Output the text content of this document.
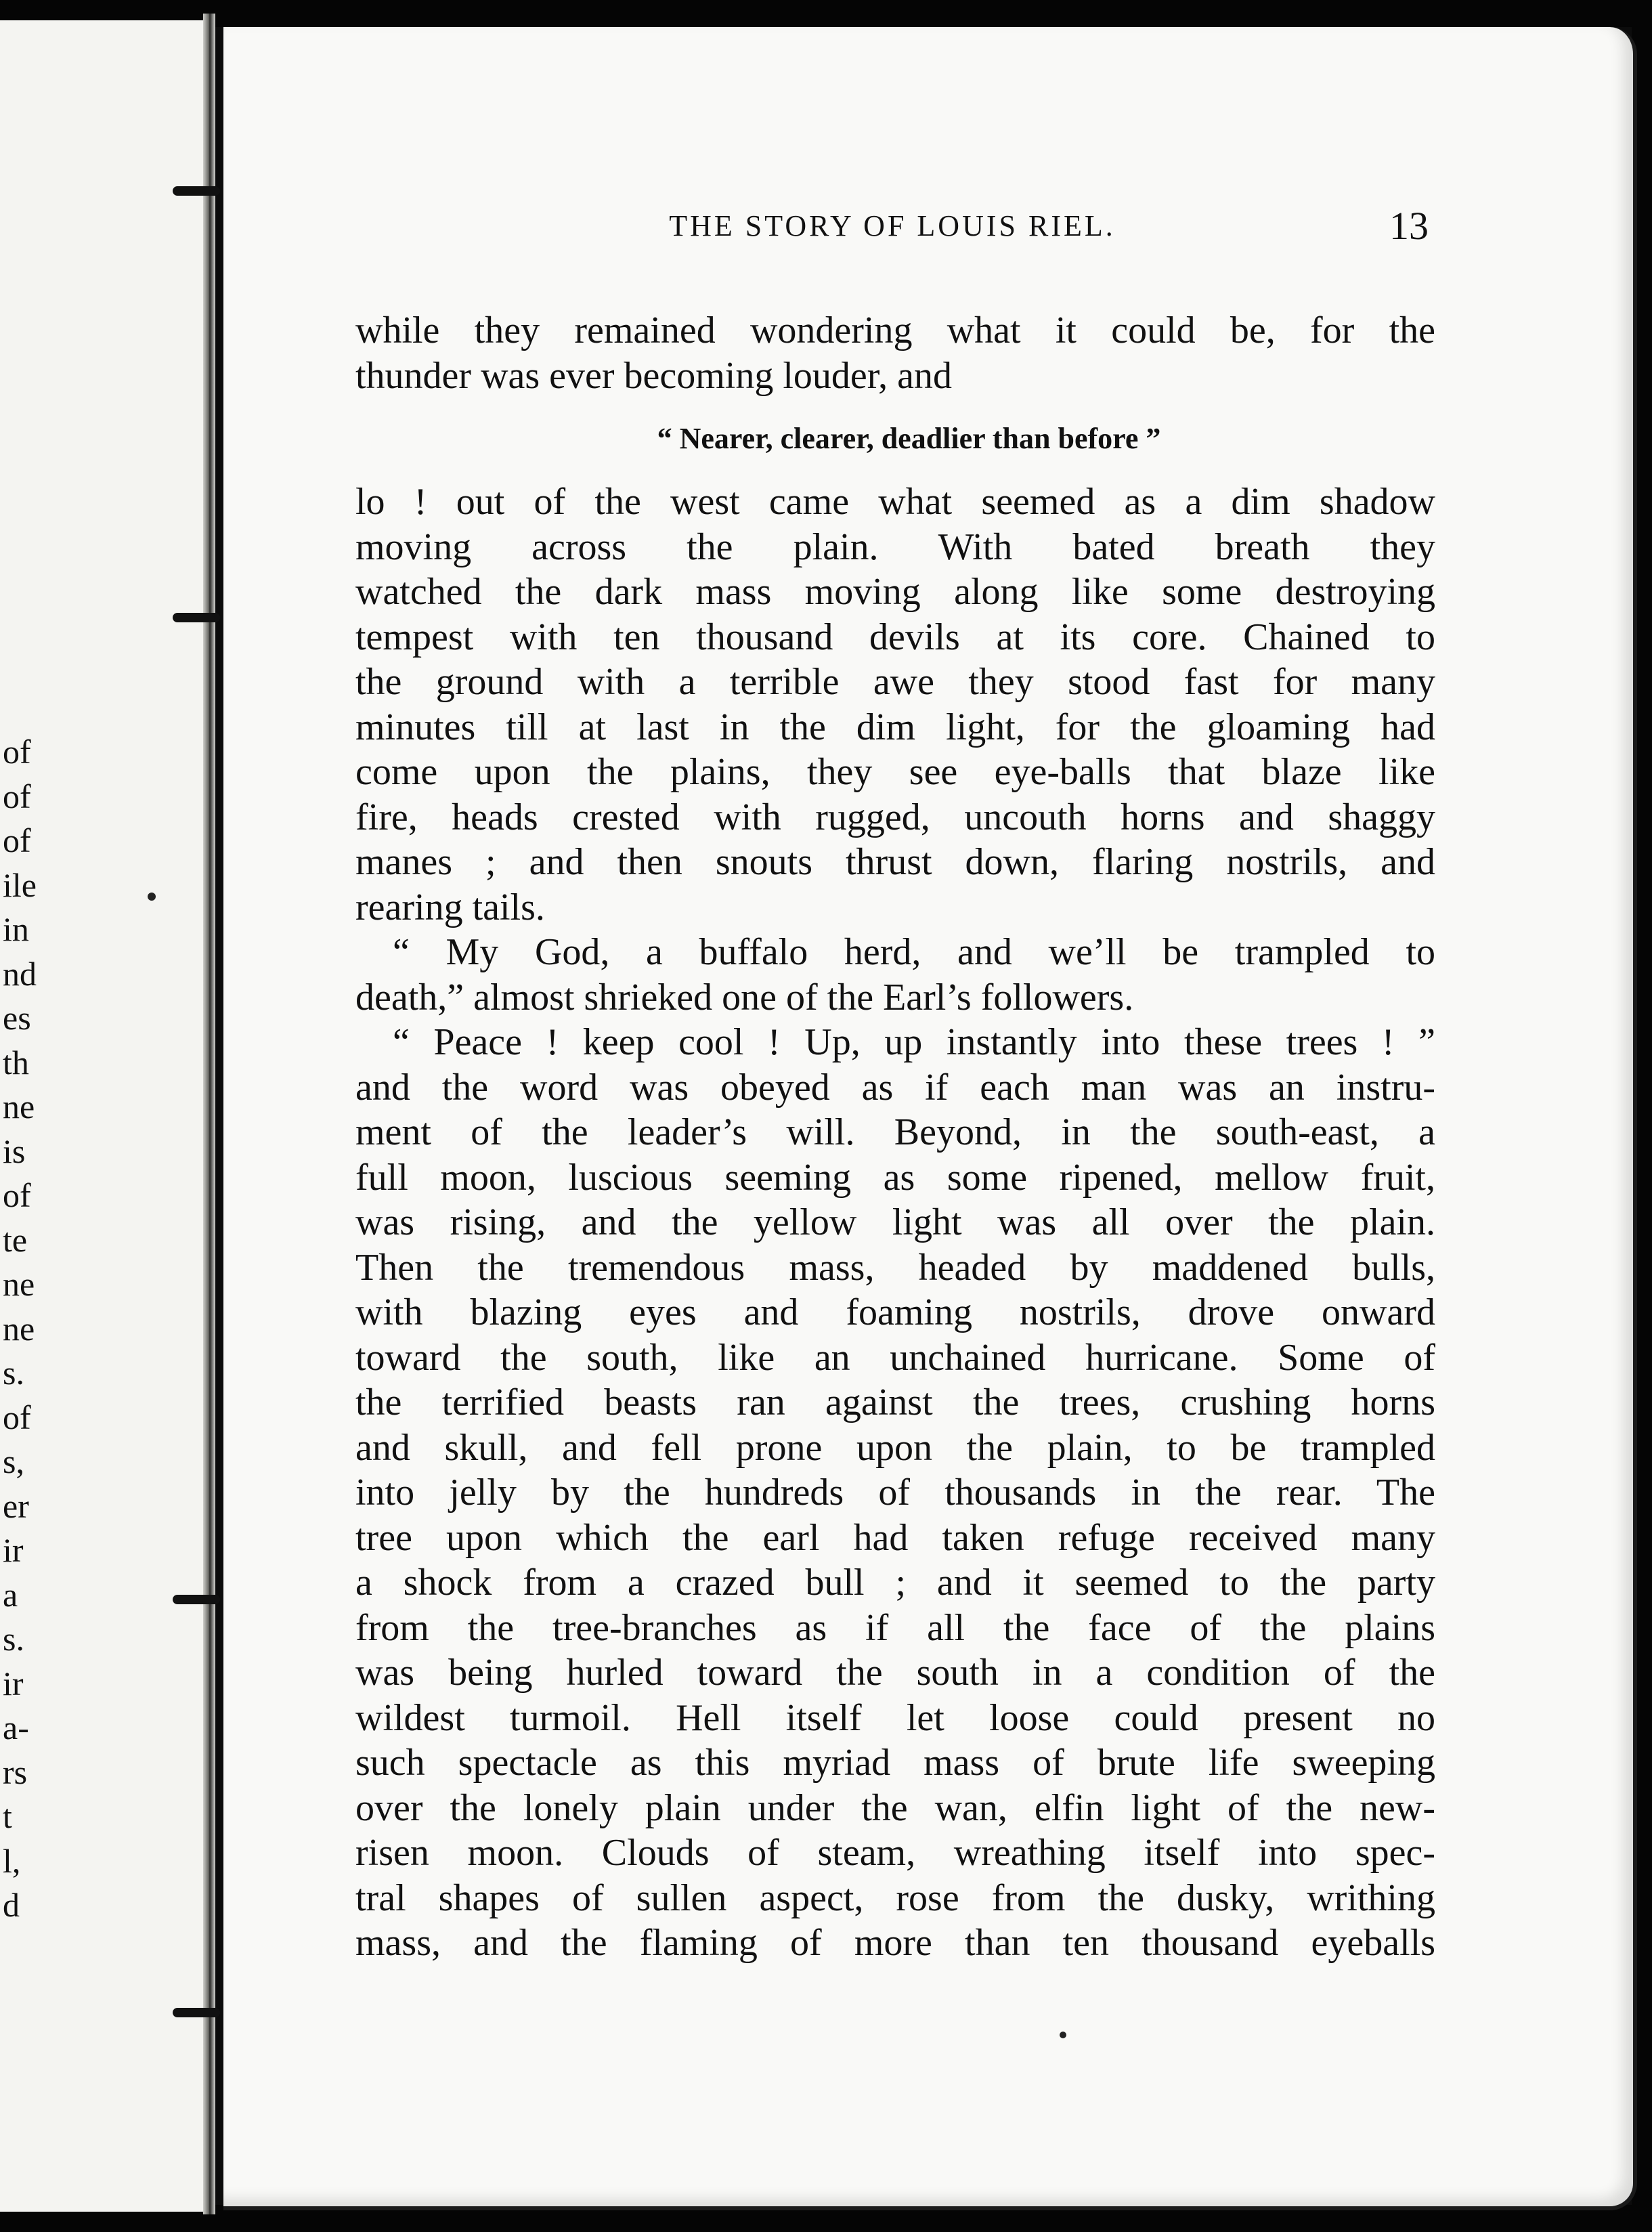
of
of
of
ile
in
nd
es
th
ne
is
of
te
ne
ne
s.
of
s,
er
ir
a
s.
ir
a-
rs
t
l,
d
THE STORY OF LOUIS RIEL.	13
while they remained wondering what it could be, for the
thunder was ever becoming louder, and
“ Nearer, clearer, deadlier than before ”
lo ! out of the west came what seemed as a dim shadow
moving across the plain. With bated breath they
watched the dark mass moving along like some destroying
tempest with ten thousand devils at its core. Chained to
the ground with a terrible awe they stood fast for many
minutes till at last in the dim light, for the gloaming had
come upon the plains, they see eye-balls that blaze like
fire, heads crested with rugged, uncouth horns and shaggy
manes ; and then snouts thrust down, flaring nostrils, and
rearing tails.
“ My God, a buffalo herd, and we’ll be trampled to
death,” almost shrieked one of the Earl’s followers.
“ Peace ! keep cool ! Up, up instantly into these trees ! ”
and the word was obeyed as if each man was an instru-
ment of the leader’s will. Beyond, in the south-east, a
full moon, luscious seeming as some ripened, mellow fruit,
was rising, and the yellow light was all over the plain.
Then the tremendous mass, headed by maddened bulls,
with blazing eyes and foaming nostrils, drove onward
toward the south, like an unchained hurricane. Some of
the terrified beasts ran against the trees, crushing horns
and skull, and fell prone upon the plain, to be trampled
into jelly by the hundreds of thousands in the rear. The
tree upon which the earl had taken refuge received many
a shock from a crazed bull ; and it seemed to the party
from the tree-branches as if all the face of the plains
was being hurled toward the south in a condition of the
wildest turmoil. Hell itself let loose could present no
such spectacle as this myriad mass of brute life sweeping
over the lonely plain under the wan, elfin light of the new-
risen moon. Clouds of steam, wreathing itself into spec-
tral shapes of sullen aspect, rose from the dusky, writhing
mass, and the flaming of more than ten thousand eyeballs
